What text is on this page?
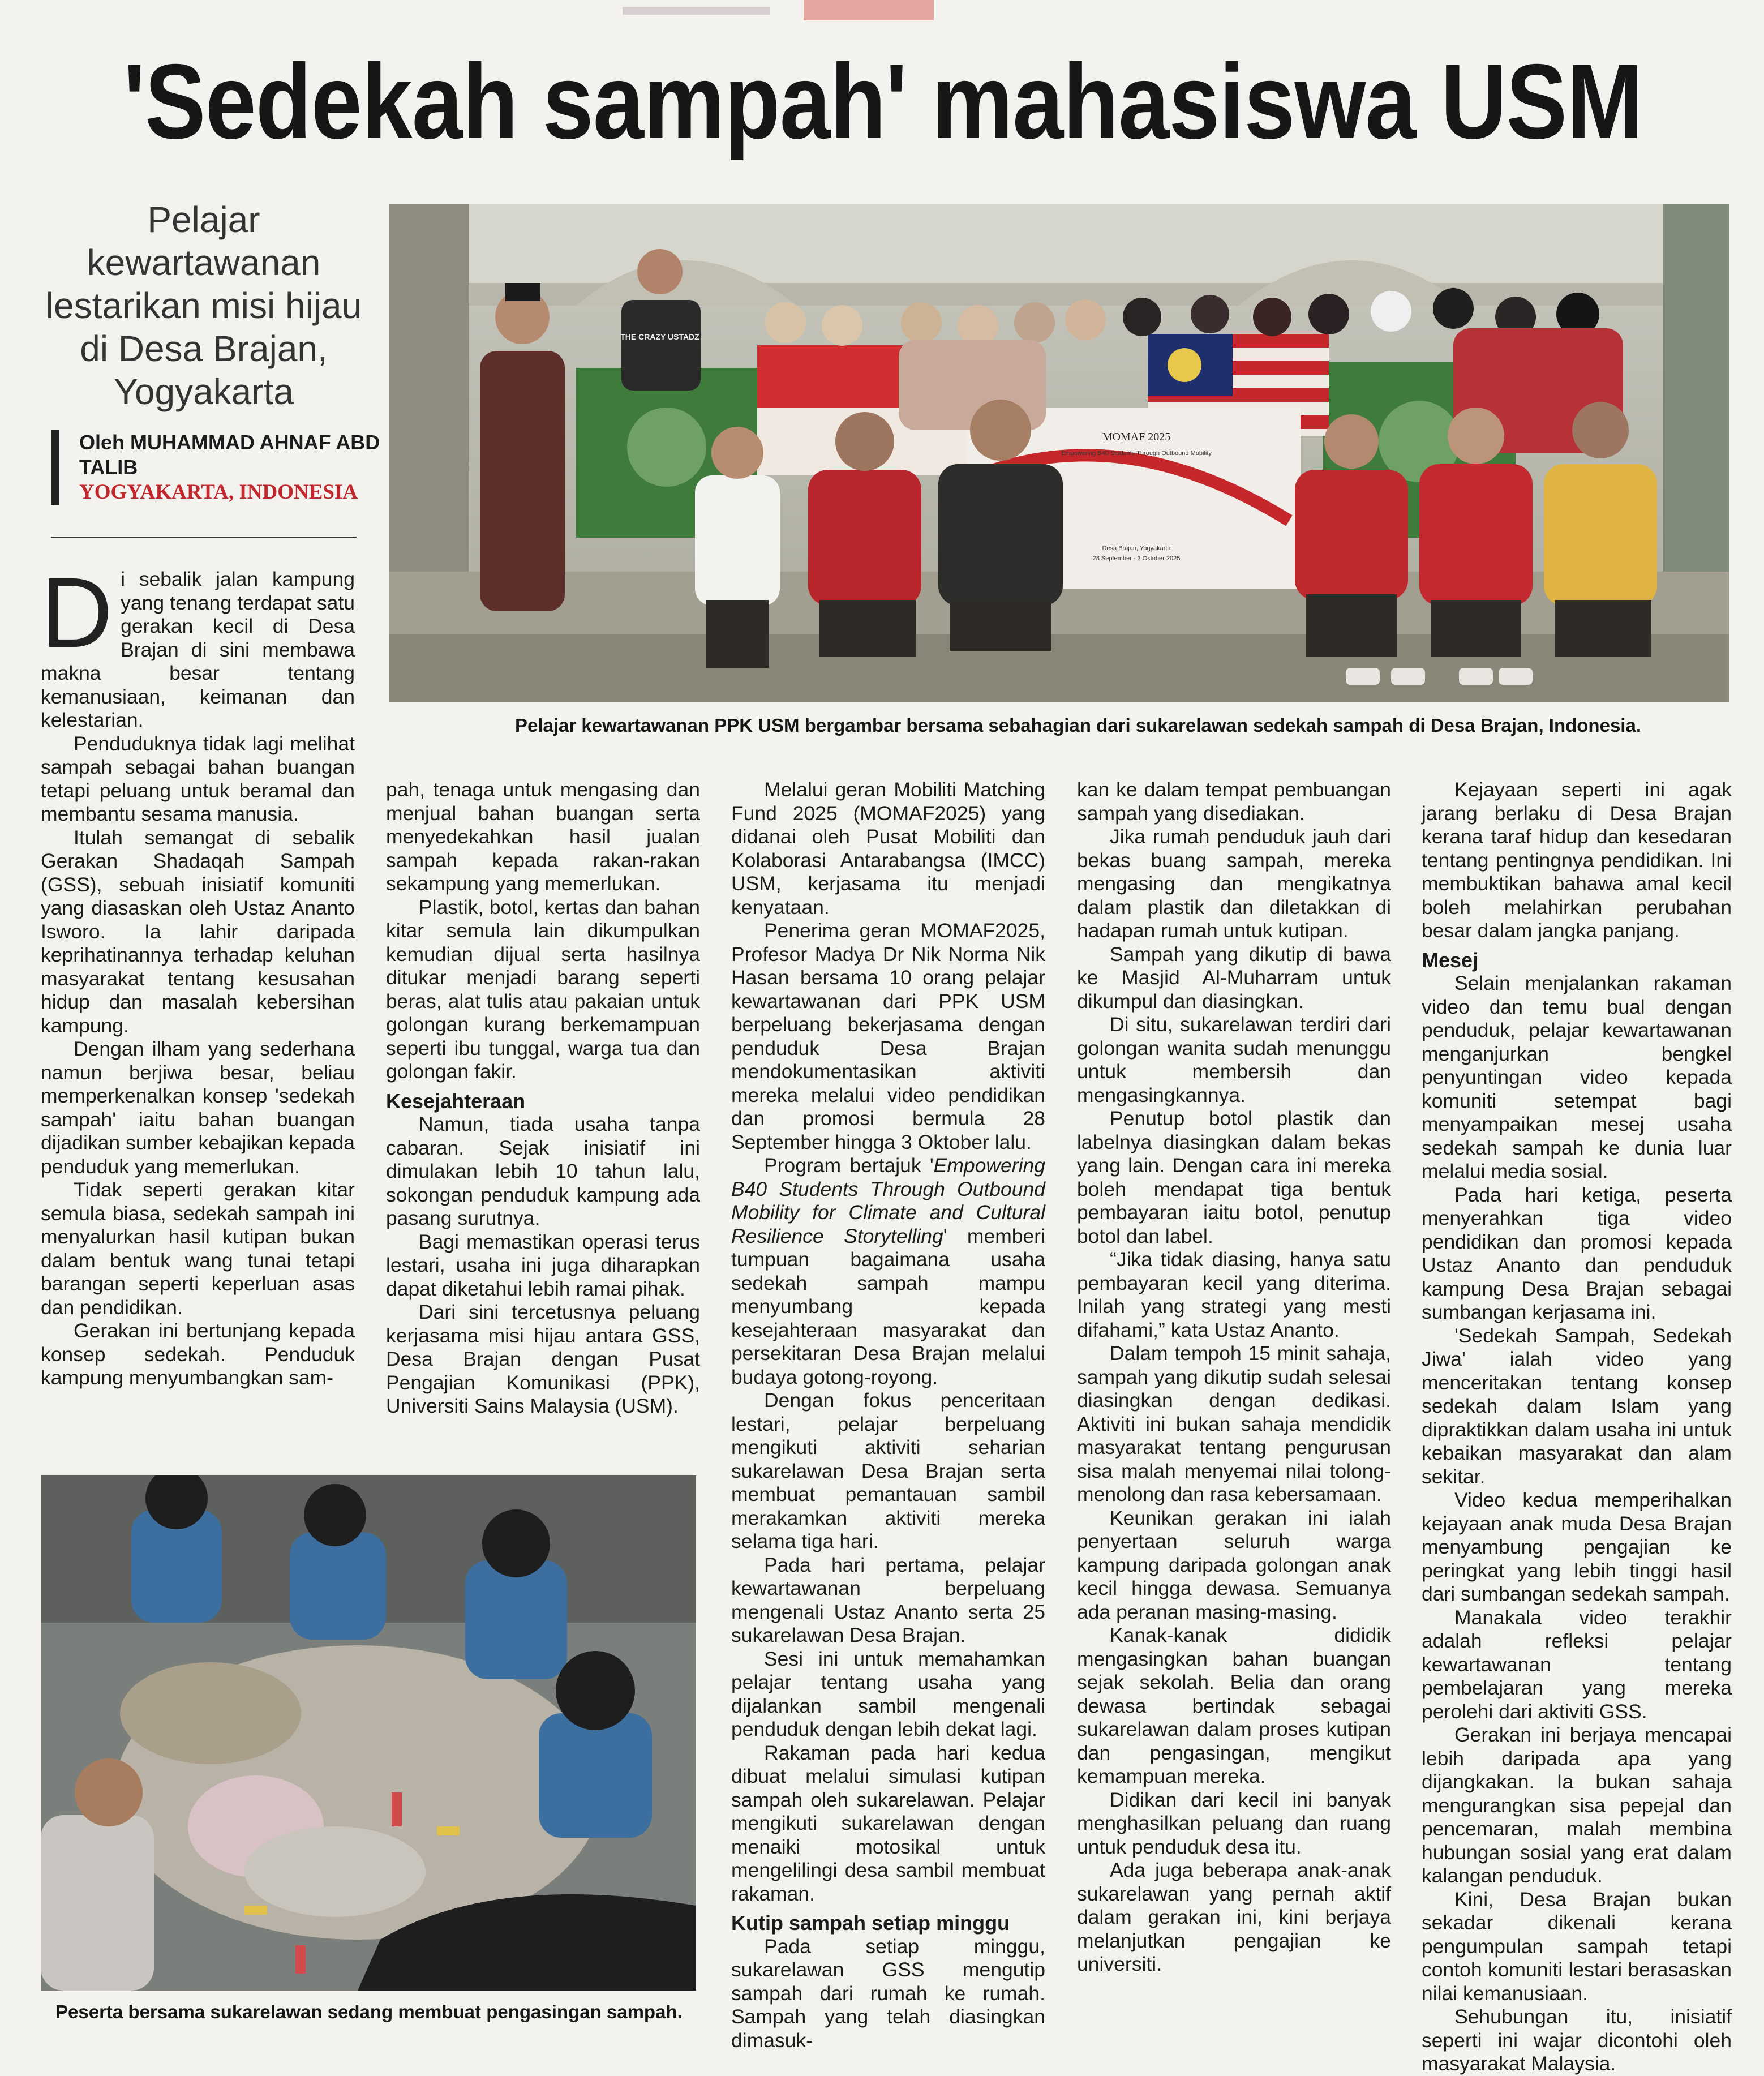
'Sedekah sampah' mahasiswa USM
Pelajar kewartawanan lestarikan misi hijau di Desa Brajan, Yogyakarta
Oleh MUHAMMAD AHNAF ABD TALIB
YOGYAKARTA, INDONESIA
MOMAF 2025
Empowering B40 Students Through Outbound Mobility
Desa Brajan, Yogyakarta
28 September - 3 Oktober 2025
THE CRAZY USTADZ
Pelajar kewartawanan PPK USM bergambar bersama sebahagian dari sukarelawan sedekah sampah di Desa Brajan, Indonesia.

Di sebalik jalan kampung yang tenang terdapat satu gerakan kecil di Desa Brajan di sini membawa makna besar tentang kemanusiaan, keimanan dan kelestarian.

Penduduknya tidak lagi melihat sampah sebagai bahan buangan tetapi peluang untuk beramal dan membantu sesama manusia.

Itulah semangat di sebalik Gerakan Shadaqah Sampah (GSS), sebuah inisiatif komuniti yang diasaskan oleh Ustaz Ananto Isworo. Ia lahir daripada keprihatinannya terhadap keluhan masyarakat tentang kesusahan hidup dan masalah kebersihan kampung.

Dengan ilham yang sederhana namun berjiwa besar, beliau memperkenalkan konsep 'sedekah sampah' iaitu bahan buangan dijadikan sumber kebajikan kepada penduduk yang memerlukan.

Tidak seperti gerakan kitar semula biasa, sedekah sampah ini menyalurkan hasil kutipan bukan dalam bentuk wang tunai tetapi barangan seperti keperluan asas dan pendidikan.

Gerakan ini bertunjang kepada konsep sedekah. Penduduk kampung menyumbangkan sam-

pah, tenaga untuk mengasing dan menjual bahan buangan serta menyedekahkan hasil jualan sampah kepada rakan-rakan sekampung yang memerlukan.

Plastik, botol, kertas dan bahan kitar semula lain dikumpulkan kemudian dijual serta hasilnya ditukar menjadi barang seperti beras, alat tulis atau pakaian untuk golongan kurang berkemampuan seperti ibu tunggal, warga tua dan golongan fakir.

Kesejahteraan

Namun, tiada usaha tanpa cabaran. Sejak inisiatif ini dimulakan lebih 10 tahun lalu, sokongan penduduk kampung ada pasang surutnya.

Bagi memastikan operasi terus lestari, usaha ini juga diharapkan dapat diketahui lebih ramai pihak.

Dari sini tercetusnya peluang kerjasama misi hijau antara GSS, Desa Brajan dengan Pusat Pengajian Komunikasi (PPK), Universiti Sains Malaysia (USM).

Peserta bersama sukarelawan sedang membuat pengasingan sampah.

Melalui geran Mobiliti Matching Fund 2025 (MOMAF2025) yang didanai oleh Pusat Mobiliti dan Kolaborasi Antarabangsa (IMCC) USM, kerjasama itu menjadi kenyataan.

Penerima geran MOMAF2025, Profesor Madya Dr Nik Norma Nik Hasan bersama 10 orang pelajar kewartawanan dari PPK USM berpeluang bekerjasama dengan penduduk Desa Brajan mendokumentasikan aktiviti mereka melalui video pendidikan dan promosi bermula 28 September hingga 3 Oktober lalu.

Program bertajuk 'Empowering B40 Students Through Outbound Mobility for Climate and Cultural Resilience Storytelling' memberi tumpuan bagaimana usaha sedekah sampah mampu menyumbang kepada kesejahteraan masyarakat dan persekitaran Desa Brajan melalui budaya gotong-royong.

Dengan fokus penceritaan lestari, pelajar berpeluang mengikuti aktiviti seharian sukarelawan Desa Brajan serta membuat pemantauan sambil merakamkan aktiviti mereka selama tiga hari.

Pada hari pertama, pelajar kewartawanan berpeluang mengenali Ustaz Ananto serta 25 sukarelawan Desa Brajan.

Sesi ini untuk memahamkan pelajar tentang usaha yang dijalankan sambil mengenali penduduk dengan lebih dekat lagi.

Rakaman pada hari kedua dibuat melalui simulasi kutipan sampah oleh sukarelawan. Pelajar mengikuti sukarelawan dengan menaiki motosikal untuk mengelilingi desa sambil membuat rakaman.

Kutip sampah setiap minggu

Pada setiap minggu, sukarelawan GSS mengutip sampah dari rumah ke rumah. Sampah yang telah diasingkan dimasuk-

kan ke dalam tempat pembuangan sampah yang disediakan.

Jika rumah penduduk jauh dari bekas buang sampah, mereka mengasing dan mengikatnya dalam plastik dan diletakkan di hadapan rumah untuk kutipan.

Sampah yang dikutip di bawa ke Masjid Al-Muharram untuk dikumpul dan diasingkan.

Di situ, sukarelawan terdiri dari golongan wanita sudah menunggu untuk membersih dan mengasingkannya.

Penutup botol plastik dan labelnya diasingkan dalam bekas yang lain. Dengan cara ini mereka boleh mendapat tiga bentuk pembayaran iaitu botol, penutup botol dan label.

“Jika tidak diasing, hanya satu pembayaran kecil yang diterima. Inilah yang strategi yang mesti difahami,” kata Ustaz Ananto.

Dalam tempoh 15 minit sahaja, sampah yang dikutip sudah selesai diasingkan dengan dedikasi. Aktiviti ini bukan sahaja mendidik masyarakat tentang pengurusan sisa malah menyemai nilai tolong-menolong dan rasa kebersamaan.

Keunikan gerakan ini ialah penyertaan seluruh warga kampung daripada golongan anak kecil hingga dewasa. Semuanya ada peranan masing-masing.

Kanak-kanak dididik mengasingkan bahan buangan sejak sekolah. Belia dan orang dewasa bertindak sebagai sukarelawan dalam proses kutipan dan pengasingan, mengikut kemampuan mereka.

Didikan dari kecil ini banyak menghasilkan peluang dan ruang untuk penduduk desa itu.

Ada juga beberapa anak-anak sukarelawan yang pernah aktif dalam gerakan ini, kini berjaya melanjutkan pengajian ke universiti.

Kejayaan seperti ini agak jarang berlaku di Desa Brajan kerana taraf hidup dan kesedaran tentang pentingnya pendidikan. Ini membuktikan bahawa amal kecil boleh melahirkan perubahan besar dalam jangka panjang.

Mesej

Selain menjalankan rakaman video dan temu bual dengan penduduk, pelajar kewartawanan menganjurkan bengkel penyuntingan video kepada komuniti setempat bagi menyampaikan mesej usaha sedekah sampah ke dunia luar melalui media sosial.

Pada hari ketiga, peserta menyerahkan tiga video pendidikan dan promosi kepada Ustaz Ananto dan penduduk kampung Desa Brajan sebagai sumbangan kerjasama ini.

'Sedekah Sampah, Sedekah Jiwa' ialah video yang menceritakan tentang konsep sedekah dalam Islam yang dipraktikkan dalam usaha ini untuk kebaikan masyarakat dan alam sekitar.

Video kedua memperihalkan kejayaan anak muda Desa Brajan menyambung pengajian ke peringkat yang lebih tinggi hasil dari sumbangan sedekah sampah.

Manakala video terakhir adalah refleksi pelajar kewartawanan tentang pembelajaran yang mereka perolehi dari aktiviti GSS.

Gerakan ini berjaya mencapai lebih daripada apa yang dijangkakan. Ia bukan sahaja mengurangkan sisa pepejal dan pencemaran, malah membina hubungan sosial yang erat dalam kalangan penduduk.

Kini, Desa Brajan bukan sekadar dikenali kerana pengumpulan sampah tetapi contoh komuniti lestari berasaskan nilai kemanusiaan.

Sehubungan itu, inisiatif seperti ini wajar dicontohi oleh masyarakat Malaysia.
